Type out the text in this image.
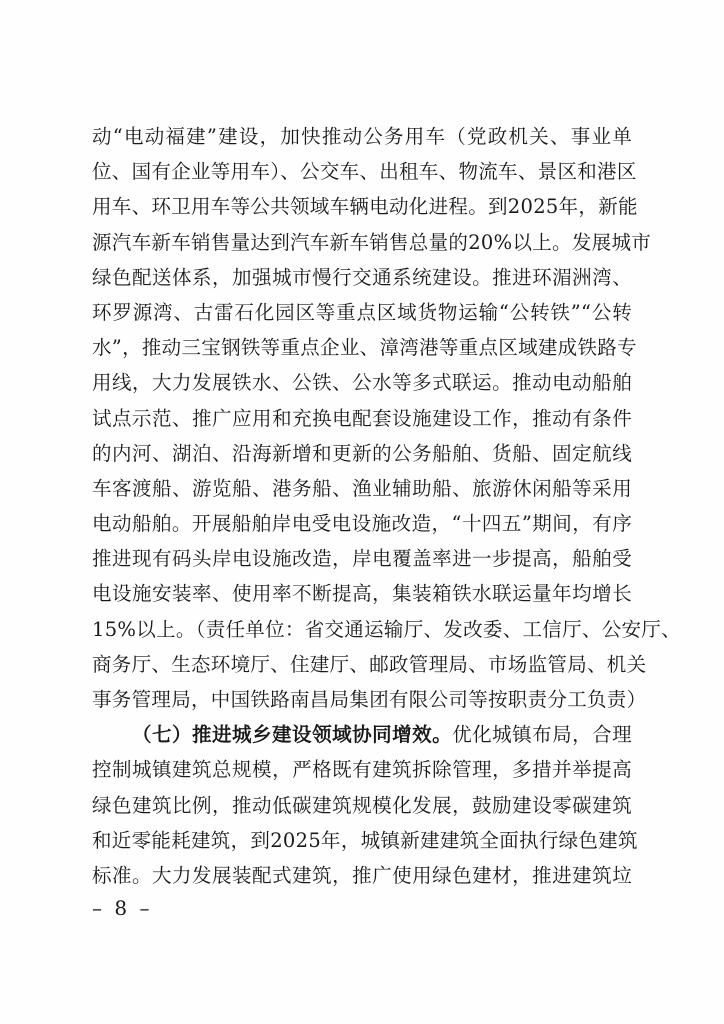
动“电动福建”建设，加快推动公务用车（党政机关、事业单
位、国有企业等用车）、公交车、出租车、物流车、景区和港区
用车、环卫用车等公共领域车辆电动化进程。到2025年，新能
源汽车新车销售量达到汽车新车销售总量的20%以上。发展城市
绿色配送体系，加强城市慢行交通系统建设。推进环湄洲湾、
环罗源湾、古雷石化园区等重点区域货物运输“公转铁”“公转
水”，推动三宝钢铁等重点企业、漳湾港等重点区域建成铁路专
用线，大力发展铁水、公铁、公水等多式联运。推动电动船舶
试点示范、推广应用和充换电配套设施建设工作，推动有条件
的内河、湖泊、沿海新增和更新的公务船舶、货船、固定航线
车客渡船、游览船、港务船、渔业辅助船、旅游休闲船等采用
电动船舶。开展船舶岸电受电设施改造，“十四五”期间，有序
推进现有码头岸电设施改造，岸电覆盖率进一步提高，船舶受
电设施安装率、使用率不断提高，集装箱铁水联运量年均增长
15%以上。（责任单位：省交通运输厅、发改委、工信厅、公安厅、
商务厅、生态环境厅、住建厅、邮政管理局、市场监管局、机关
事务管理局，中国铁路南昌局集团有限公司等按职责分工负责）
（七）推进城乡建设领域协同增效。优化城镇布局，合理
控制城镇建筑总规模，严格既有建筑拆除管理，多措并举提高
绿色建筑比例，推动低碳建筑规模化发展，鼓励建设零碳建筑
和近零能耗建筑，到2025年，城镇新建建筑全面执行绿色建筑
标准。大力发展装配式建筑，推广使用绿色建材，推进建筑垃
– 8 –
